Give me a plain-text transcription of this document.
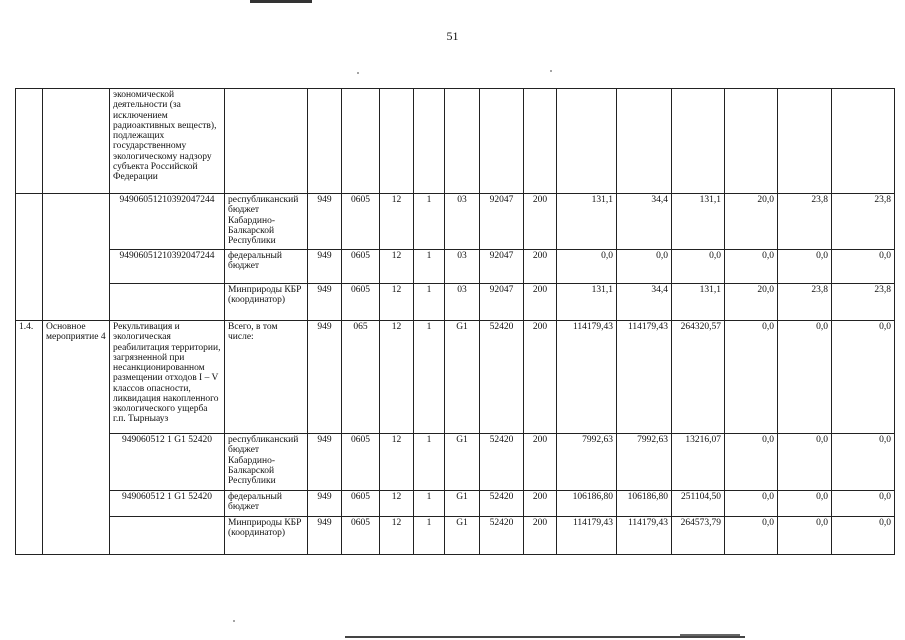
51
		экономической деятельности (за исключением радиоактивных веществ), подлежащих государственному экологическому надзору субъекта Российской Федерации														
		94906051210392047244	республиканский бюджет Кабардино-Балкарской Республики	949	0605	12	1	03	92047	200	131,1	34,4	131,1	20,0	23,8	23,8
		94906051210392047244	федеральный бюджет	949	0605	12	1	03	92047	200	0,0	0,0	0,0	0,0	0,0	0,0
			Минприроды КБР (координатор)	949	0605	12	1	03	92047	200	131,1	34,4	131,1	20,0	23,8	23,8
1.4.	Основное мероприятие 4	Рекультивация и экологическая реабилитация территории, загрязненной при несанкционированном размещении отходов I – V классов опасности, ликвидация накопленного экологического ущерба г.п. Тырныауз	Всего, в том числе:	949	065	12	1	G1	52420	200	114179,43	114179,43	264320,57	0,0	0,0	0,0
		949060512 1 G1 52420	республиканский бюджет Кабардино-Балкарской Республики	949	0605	12	1	G1	52420	200	7992,63	7992,63	13216,07	0,0	0,0	0,0
		949060512 1 G1 52420	федеральный бюджет	949	0605	12	1	G1	52420	200	106186,80	106186,80	251104,50	0,0	0,0	0,0
			Минприроды КБР (координатор)	949	0605	12	1	G1	52420	200	114179,43	114179,43	264573,79	0,0	0,0	0,0
